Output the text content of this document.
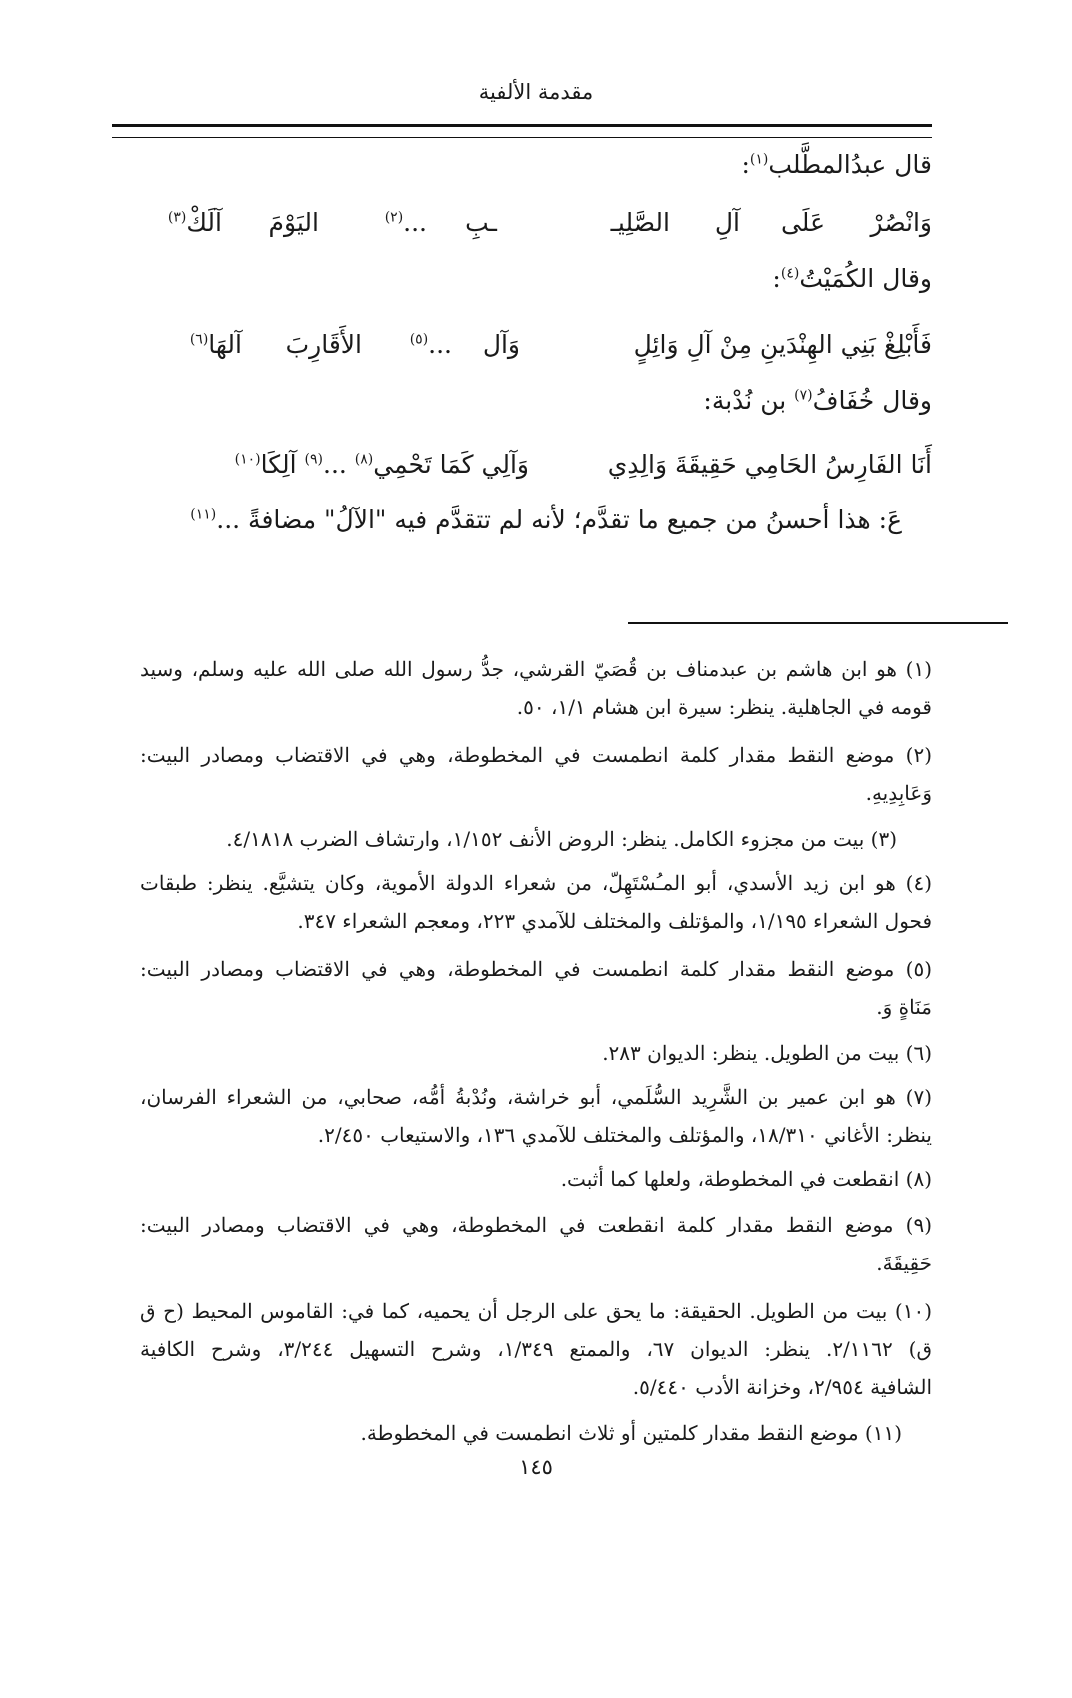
مقدمة الألفية
قال عبدُالمطَّلب$^{(١)}$:
وَانْصُرْ
عَلَى
آلِ
الصَّلِيـ
ـبِ
...$^{(٢)}$
اليَوْمَ
آلَكْ$^{(٣)}$
وقال الكُمَيْتُ$^{(٤)}$:
فَأَبْلِغْ بَنِي الهِنْدَينِ مِنْ آلِ وَائِلٍ
وَآل
...$^{(٥)}$
الأَقَارِبَ
آلهَا$^{(٦)}$
وقال خُفَافُ$^{(٧)}$ بن نُدْبة:
أَنَا الفَارِسُ الحَامِي حَقِيقَةَ وَالِدِي
وَآلِي كَمَا تَحْمِي$^{(٨)}$ ...$^{(٩)}$ آلِكَا$^{(١٠)}$
عَ: هذا أحسنُ من جميع ما تقدَّم؛ لأنه لم تتقدَّم فيه "الآلُ" مضافةً ...$^{(١١)}$
(١) هو ابن هاشم بن عبدمناف بن قُصَيّ القرشي، جدُّ رسول الله صلى الله عليه وسلم، وسيد
قومه في الجاهلية. ينظر: سيرة ابن هشام ١/١، ٥٠.
(٢) موضع النقط مقدار كلمة انطمست في المخطوطة، وهي في الاقتضاب ومصادر البيت:
وَعَابِدِيهِ.
(٣) بيت من مجزوء الكامل. ينظر: الروض الأنف ١/١٥٢، وارتشاف الضرب ٤/١٨١٨.
(٤) هو ابن زيد الأسدي، أبو المـُسْتَهِلّ، من شعراء الدولة الأموية، وكان يتشيَّع. ينظر: طبقات
فحول الشعراء ١/١٩٥، والمؤتلف والمختلف للآمدي ٢٢٣، ومعجم الشعراء ٣٤٧.
(٥) موضع النقط مقدار كلمة انطمست في المخطوطة، وهي في الاقتضاب ومصادر البيت:
مَنَاةٍ وَ.
(٦) بيت من الطويل. ينظر: الديوان ٢٨٣.
(٧) هو ابن عمير بن الشَّرِيد السُّلَمي، أبو خراشة، ونُدْبةُ أمُّه، صحابي، من الشعراء الفرسان،
ينظر: الأغاني ١٨/٣١٠، والمؤتلف والمختلف للآمدي ١٣٦، والاستيعاب ٢/٤٥٠.
(٨) انقطعت في المخطوطة، ولعلها كما أثبت.
(٩) موضع النقط مقدار كلمة انقطعت في المخطوطة، وهي في الاقتضاب ومصادر البيت:
حَقِيقَةَ.
(١٠) بيت من الطويل. الحقيقة: ما يحق على الرجل أن يحميه، كما في: القاموس المحيط (ح ق
ق) ٢/١١٦٢. ينظر: الديوان ٦٧، والممتع ١/٣٤٩، وشرح التسهيل ٣/٢٤٤، وشرح الكافية
الشافية ٢/٩٥٤، وخزانة الأدب ٥/٤٤٠.
(١١) موضع النقط مقدار كلمتين أو ثلاث انطمست في المخطوطة.
١٤٥
